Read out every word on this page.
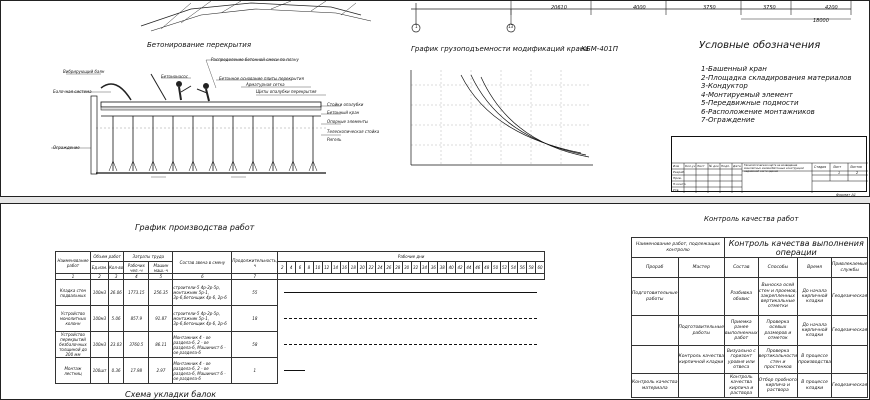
20610	4000	3750	3750	4200
18000
1	13
Бетонирование перекрытия
Распределение бетонной смеси по плану
Вибрирующий баян
Бетононасос	Бетонное основание плиты перекрытия
Арматурная сетка
Щиты опалубки перекрытия
Балочная система
Стойки опалубки
Бетонный кран
Опорные элементы
Телескопическая стойка
Ригель
Ограждение
График грузоподъемности модификаций крана
КБМ-401П	Условные обозначения
1-Башенный кран
2-Площадка складирования материалов
3-Кондуктор
4-Монтируемый элемент
5-Передвижные подмости
6-Расположение монтажников
7-Ограждение
Изм Кол.уч Лист № док Подп. Дата
Разраб.
Пров.
Н.контр.
Утв.
Технологическая карта на возведение монолитных железобетонных конструкций надземной части здания
Стадия Лист	Листов
1	2
Формат А1
График производства работ
Наименование работ	Объем работ		Затраты труда		Состав звена в смену	Продолжительность, ч	Рабочие дни																													
	Ед.изм.	Кол-во	Рабочих чел.-ч	Машин маш.-ч			2	4	6	8	10	12	14	16	18	20	22	24	26	28	30	32	34	36	38	40	42	44	46	48	50	52	54	56	58	60
1	2	3	4	5	6	7																														
Кладка стен подвальных	100м3	26.06	1773.15	256.35	строители-5 4р-2р-5р, монтажник 5р-1, 3р-6,бетонщик 4р-6, 2р-6	55																														

Устройство монолитных колонн	100м3	5.06	857.9	91.87	строители-5 4р-2р-5р, монтажник 5р-1, 3р-6,бетонщик 4р-6, 2р-6	18																														

Устройство перекрытий безбалочных толщиной до 200 мм	100м3	23.03	3760.5	86.11	Монтажник 4 - ое раздела-6, 2 - ое раздела-6, Машинист 6 - ое раздела-6	58																														

Монтаж лестниц	100шт	0.36	17.98	2.97	Монтажник 4 - ое раздела-6, 2 - ое раздела-6, Машинист 6 - ое раздела-6	1																														
Схема укладки балок
Контроль качества работ
Наименование работ, подлежащих контролю		Контроль качества выполнения операции			
Прораб	Мастер	Состав	Способы	Время	Привлекаемые службы
Подготовительные работы		Разбивка обхвис	Выноска осей стен и проемов, закрепленных вертикальные отметки	До начала кирпичной кладки	Геодезическая
	Подготовительные работы	Приемка ранее выполненных работ	Проверка осевых размеров и отметок	До начала кирпичной кладки	Геодезическая
	Контроль качества кирпичной кладки	Визуально с горизонт уровня или отвеса	Проверка вертикальности стен и простенков	В процессе производства	
Контроль качества материала		Контроль качества кирпича и раствора	Отбор пробного кирпича и раствора	В процессе кладки	Геодезическая
